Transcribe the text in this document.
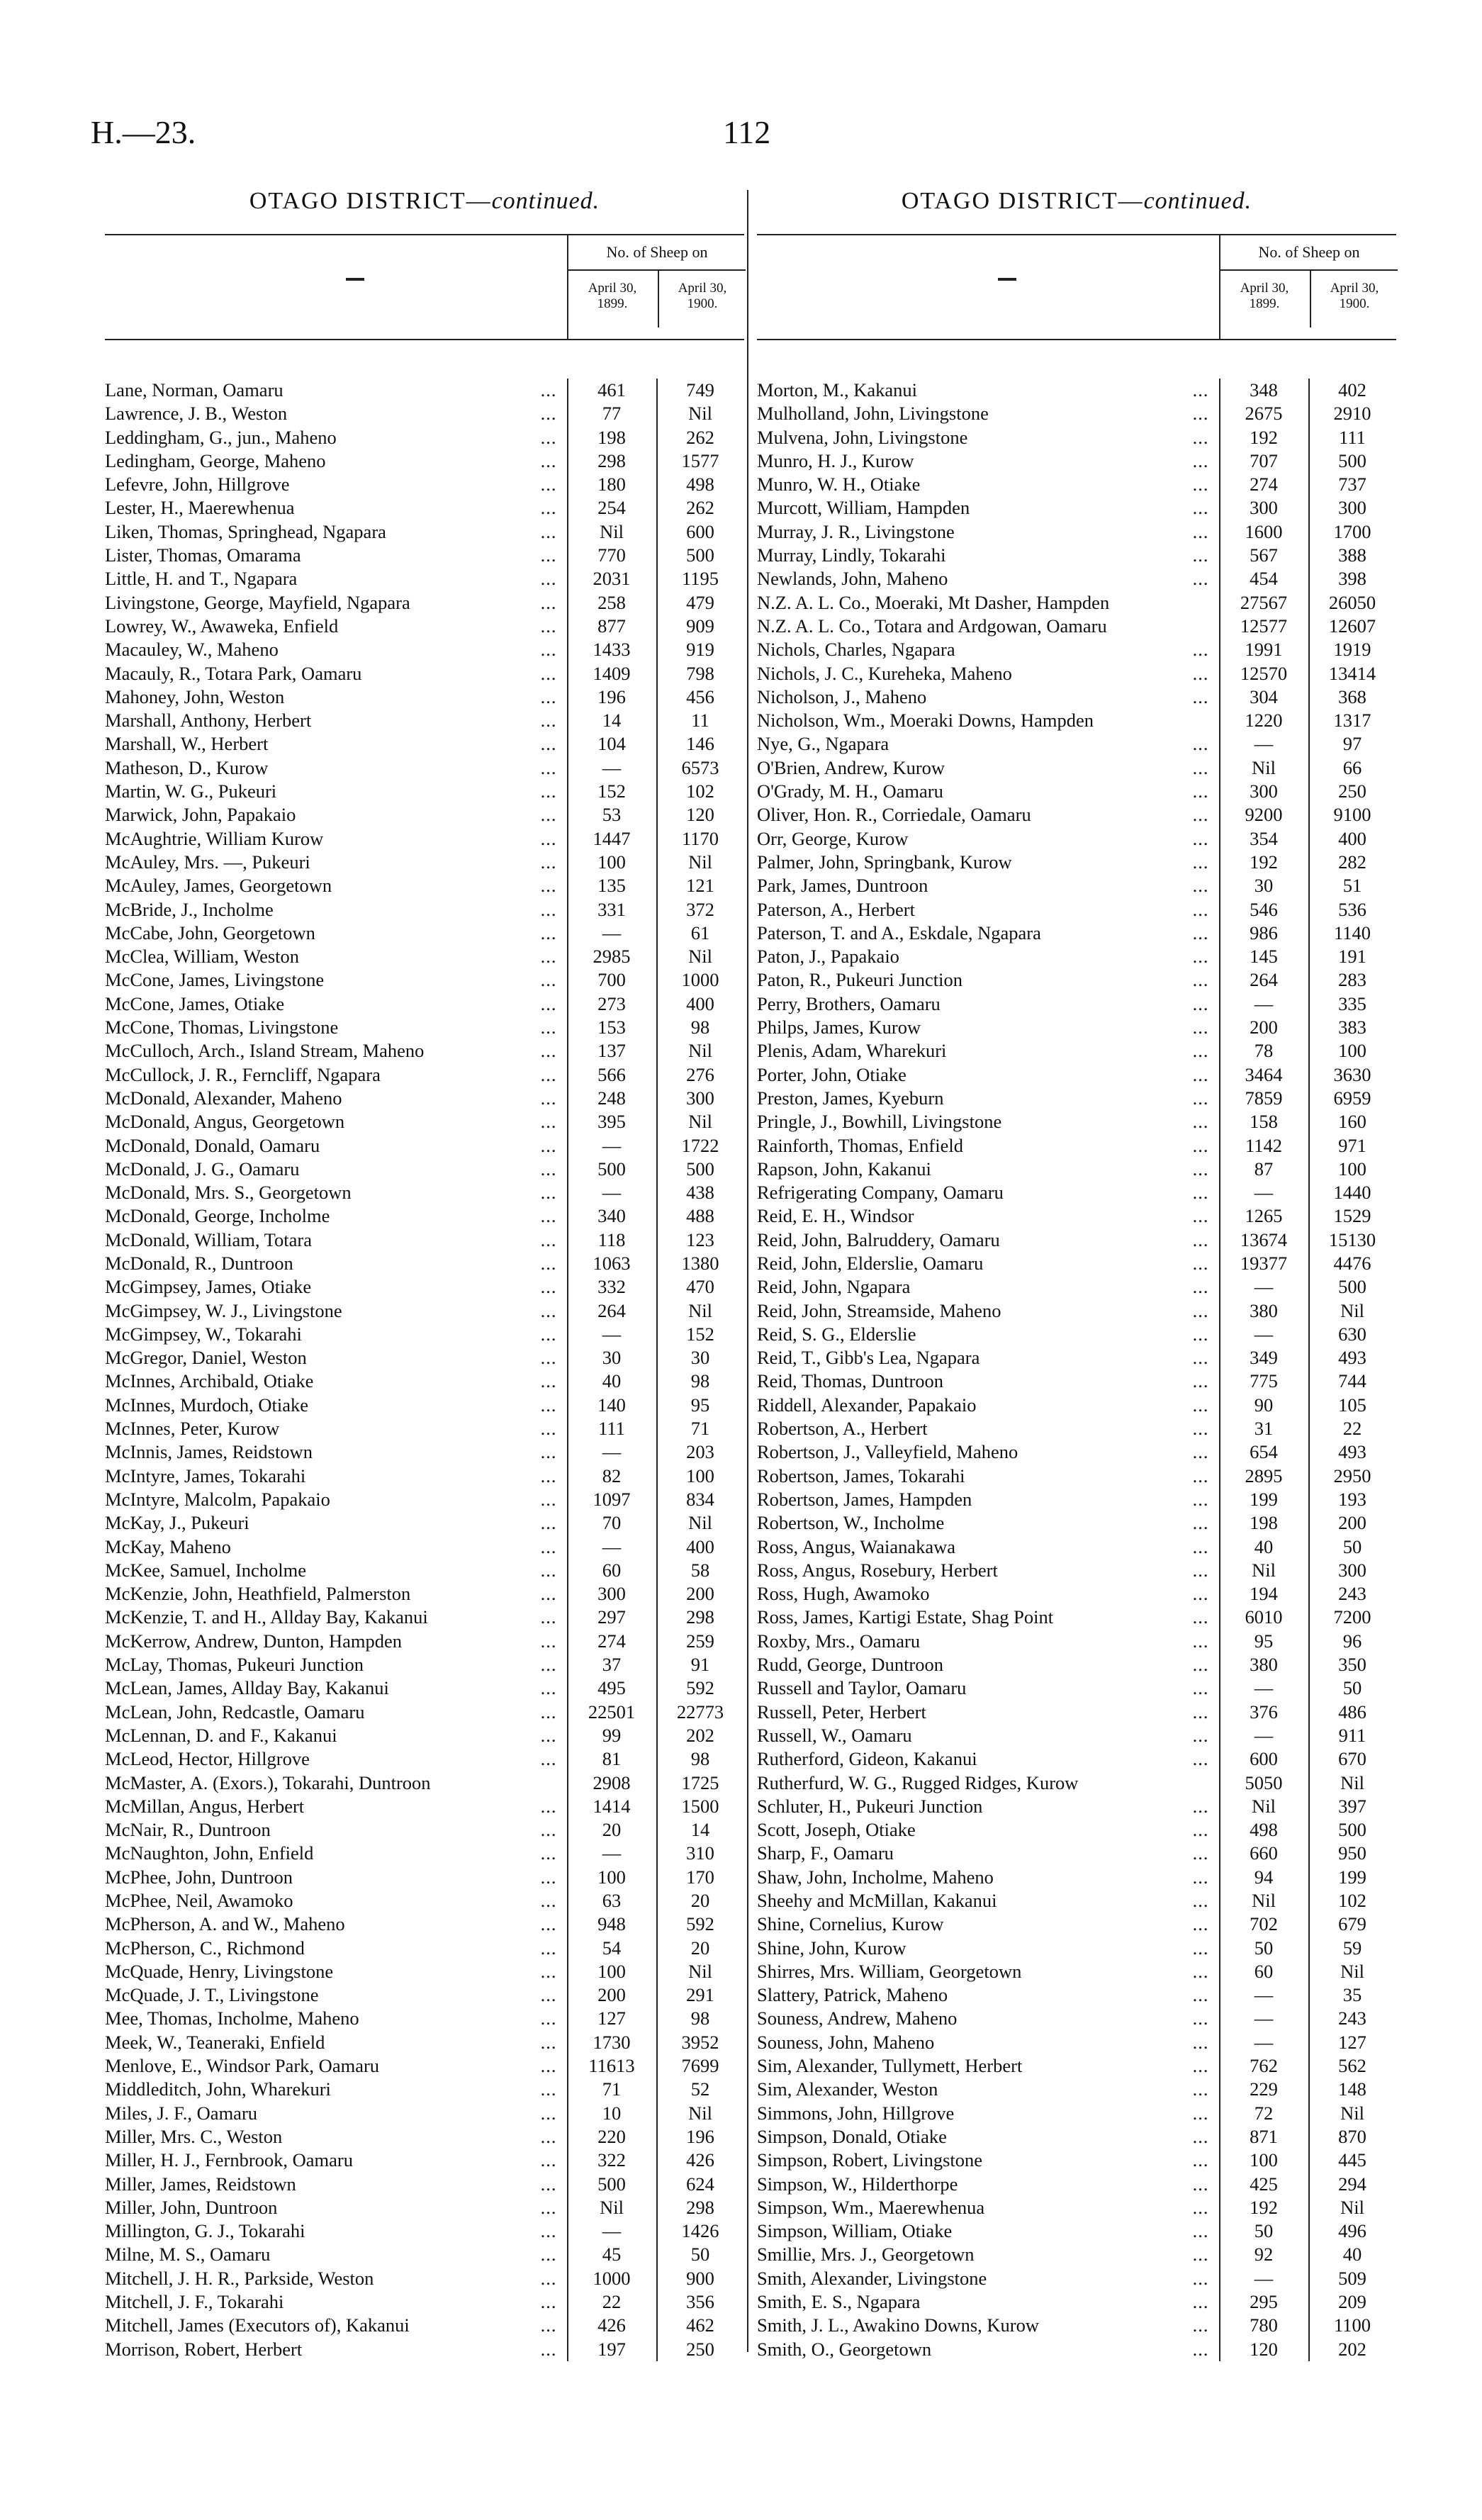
H.—23.	112
OTAGO DISTRICT—continued.
No. of Sheep on
April 30,
1899.
April 30,
1900.
Lane, Norman, Oamaru	...	461	749
Lawrence, J. B., Weston	...	77	Nil
Leddingham, G., jun., Maheno	...	198	262
Ledingham, George, Maheno	...	298	1577
Lefevre, John, Hillgrove	...	180	498
Lester, H., Maerewhenua	...	254	262
Liken, Thomas, Springhead, Ngapara	...	Nil	600
Lister, Thomas, Omarama	...	770	500
Little, H. and T., Ngapara	...	2031	1195
Livingstone, George, Mayfield, Ngapara	...	258	479
Lowrey, W., Awaweka, Enfield	...	877	909
Macauley, W., Maheno	...	1433	919
Macauly, R., Totara Park, Oamaru	...	1409	798
Mahoney, John, Weston	...	196	456
Marshall, Anthony, Herbert	...	14	11
Marshall, W., Herbert	...	104	146
Matheson, D., Kurow	...	—	6573
Martin, W. G., Pukeuri	...	152	102
Marwick, John, Papakaio	...	53	120
McAughtrie, William Kurow	...	1447	1170
McAuley, Mrs. —, Pukeuri	...	100	Nil
McAuley, James, Georgetown	...	135	121
McBride, J., Incholme	...	331	372
McCabe, John, Georgetown	...	—	61
McClea, William, Weston	...	2985	Nil
McCone, James, Livingstone	...	700	1000
McCone, James, Otiake	...	273	400
McCone, Thomas, Livingstone	...	153	98
McCulloch, Arch., Island Stream, Maheno	...	137	Nil
McCullock, J. R., Ferncliff, Ngapara	...	566	276
McDonald, Alexander, Maheno	...	248	300
McDonald, Angus, Georgetown	...	395	Nil
McDonald, Donald, Oamaru	...	—	1722
McDonald, J. G., Oamaru	...	500	500
McDonald, Mrs. S., Georgetown	...	—	438
McDonald, George, Incholme	...	340	488
McDonald, William, Totara	...	118	123
McDonald, R., Duntroon	...	1063	1380
McGimpsey, James, Otiake	...	332	470
McGimpsey, W. J., Livingstone	...	264	Nil
McGimpsey, W., Tokarahi	...	—	152
McGregor, Daniel, Weston	...	30	30
McInnes, Archibald, Otiake	...	40	98
McInnes, Murdoch, Otiake	...	140	95
McInnes, Peter, Kurow	...	111	71
McInnis, James, Reidstown	...	—	203
McIntyre, James, Tokarahi	...	82	100
McIntyre, Malcolm, Papakaio	...	1097	834
McKay, J., Pukeuri	...	70	Nil
McKay, Maheno	...	—	400
McKee, Samuel, Incholme	...	60	58
McKenzie, John, Heathfield, Palmerston	...	300	200
McKenzie, T. and H., Allday Bay, Kakanui	...	297	298
McKerrow, Andrew, Dunton, Hampden	...	274	259
McLay, Thomas, Pukeuri Junction	...	37	91
McLean, James, Allday Bay, Kakanui	...	495	592
McLean, John, Redcastle, Oamaru	...	22501	22773
McLennan, D. and F., Kakanui	...	99	202
McLeod, Hector, Hillgrove	...	81	98
McMaster, A. (Exors.), Tokarahi, Duntroon	2908	1725
McMillan, Angus, Herbert	...	1414	1500
McNair, R., Duntroon	...	20	14
McNaughton, John, Enfield	...	—	310
McPhee, John, Duntroon	...	100	170
McPhee, Neil, Awamoko	...	63	20
McPherson, A. and W., Maheno	...	948	592
McPherson, C., Richmond	...	54	20
McQuade, Henry, Livingstone	...	100	Nil
McQuade, J. T., Livingstone	...	200	291
Mee, Thomas, Incholme, Maheno	...	127	98
Meek, W., Teaneraki, Enfield	...	1730	3952
Menlove, E., Windsor Park, Oamaru	...	11613	7699
Middleditch, John, Wharekuri	...	71	52
Miles, J. F., Oamaru	...	10	Nil
Miller, Mrs. C., Weston	...	220	196
Miller, H. J., Fernbrook, Oamaru	...	322	426
Miller, James, Reidstown	...	500	624
Miller, John, Duntroon	...	Nil	298
Millington, G. J., Tokarahi	...	—	1426
Milne, M. S., Oamaru	...	45	50
Mitchell, J. H. R., Parkside, Weston	...	1000	900
Mitchell, J. F., Tokarahi	...	22	356
Mitchell, James (Executors of), Kakanui	...	426	462
Morrison, Robert, Herbert	...	197	250
OTAGO DISTRICT—continued.
No. of Sheep on
April 30,
1899.
April 30,
1900.
Morton, M., Kakanui	...	348	402
Mulholland, John, Livingstone	...	2675	2910
Mulvena, John, Livingstone	...	192	111
Munro, H. J., Kurow	...	707	500
Munro, W. H., Otiake	...	274	737
Murcott, William, Hampden	...	300	300
Murray, J. R., Livingstone	...	1600	1700
Murray, Lindly, Tokarahi	...	567	388
Newlands, John, Maheno	...	454	398
N.Z. A. L. Co., Moeraki, Mt Dasher, Hampden	27567	26050
N.Z. A. L. Co., Totara and Ardgowan, Oamaru	12577	12607
Nichols, Charles, Ngapara	...	1991	1919
Nichols, J. C., Kureheka, Maheno	...	12570	13414
Nicholson, J., Maheno	...	304	368
Nicholson, Wm., Moeraki Downs, Hampden	1220	1317
Nye, G., Ngapara	...	—	97
O'Brien, Andrew, Kurow	...	Nil	66
O'Grady, M. H., Oamaru	...	300	250
Oliver, Hon. R., Corriedale, Oamaru	...	9200	9100
Orr, George, Kurow	...	354	400
Palmer, John, Springbank, Kurow	...	192	282
Park, James, Duntroon	...	30	51
Paterson, A., Herbert	...	546	536
Paterson, T. and A., Eskdale, Ngapara	...	986	1140
Paton, J., Papakaio	...	145	191
Paton, R., Pukeuri Junction	...	264	283
Perry, Brothers, Oamaru	...	—	335
Philps, James, Kurow	...	200	383
Plenis, Adam, Wharekuri	...	78	100
Porter, John, Otiake	...	3464	3630
Preston, James, Kyeburn	...	7859	6959
Pringle, J., Bowhill, Livingstone	...	158	160
Rainforth, Thomas, Enfield	...	1142	971
Rapson, John, Kakanui	...	87	100
Refrigerating Company, Oamaru	...	—	1440
Reid, E. H., Windsor	...	1265	1529
Reid, John, Balruddery, Oamaru	...	13674	15130
Reid, John, Elderslie, Oamaru	...	19377	4476
Reid, John, Ngapara	...	—	500
Reid, John, Streamside, Maheno	...	380	Nil
Reid, S. G., Elderslie	...	—	630
Reid, T., Gibb's Lea, Ngapara	...	349	493
Reid, Thomas, Duntroon	...	775	744
Riddell, Alexander, Papakaio	...	90	105
Robertson, A., Herbert	...	31	22
Robertson, J., Valleyfield, Maheno	...	654	493
Robertson, James, Tokarahi	...	2895	2950
Robertson, James, Hampden	...	199	193
Robertson, W., Incholme	...	198	200
Ross, Angus, Waianakawa	...	40	50
Ross, Angus, Rosebury, Herbert	...	Nil	300
Ross, Hugh, Awamoko	...	194	243
Ross, James, Kartigi Estate, Shag Point	...	6010	7200
Roxby, Mrs., Oamaru	...	95	96
Rudd, George, Duntroon	...	380	350
Russell and Taylor, Oamaru	...	—	50
Russell, Peter, Herbert	...	376	486
Russell, W., Oamaru	...	—	911
Rutherford, Gideon, Kakanui	...	600	670
Rutherfurd, W. G., Rugged Ridges, Kurow	5050	Nil
Schluter, H., Pukeuri Junction	...	Nil	397
Scott, Joseph, Otiake	...	498	500
Sharp, F., Oamaru	...	660	950
Shaw, John, Incholme, Maheno	...	94	199
Sheehy and McMillan, Kakanui	...	Nil	102
Shine, Cornelius, Kurow	...	702	679
Shine, John, Kurow	...	50	59
Shirres, Mrs. William, Georgetown	...	60	Nil
Slattery, Patrick, Maheno	...	—	35
Souness, Andrew, Maheno	...	—	243
Souness, John, Maheno	...	—	127
Sim, Alexander, Tullymett, Herbert	...	762	562
Sim, Alexander, Weston	...	229	148
Simmons, John, Hillgrove	...	72	Nil
Simpson, Donald, Otiake	...	871	870
Simpson, Robert, Livingstone	...	100	445
Simpson, W., Hilderthorpe	...	425	294
Simpson, Wm., Maerewhenua	...	192	Nil
Simpson, William, Otiake	...	50	496
Smillie, Mrs. J., Georgetown	...	92	40
Smith, Alexander, Livingstone	...	—	509
Smith, E. S., Ngapara	...	295	209
Smith, J. L., Awakino Downs, Kurow	...	780	1100
Smith, O., Georgetown	...	120	202
